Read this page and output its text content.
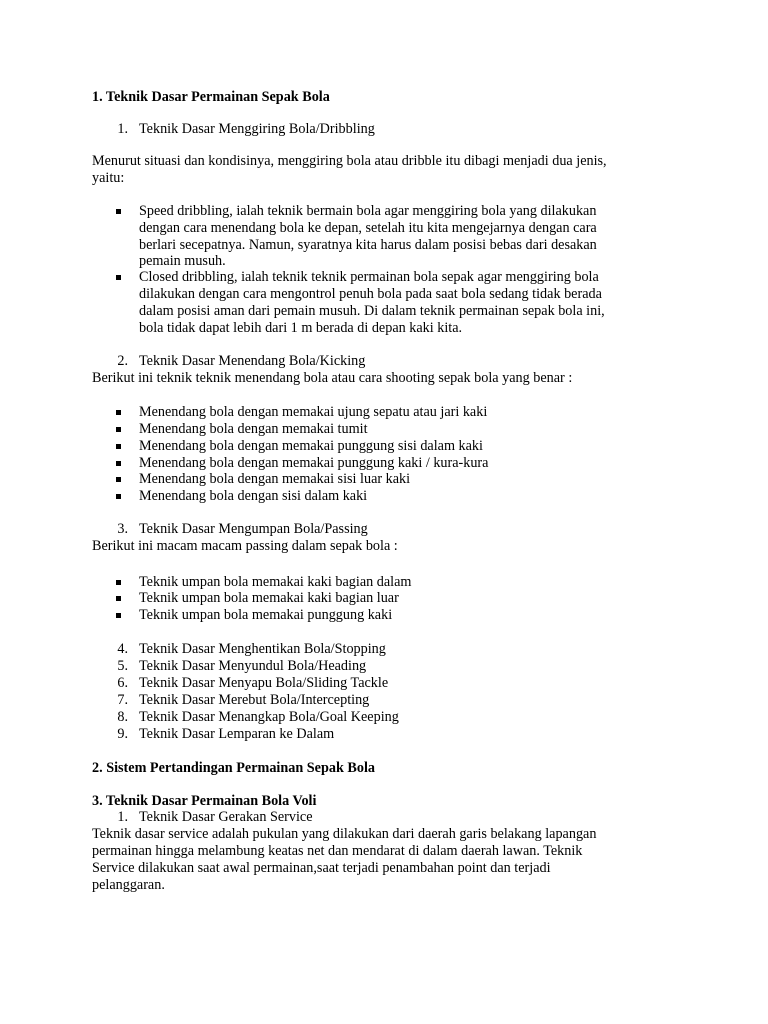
1. Teknik Dasar Permainan Sepak Bola
1. Teknik Dasar Menggiring Bola/Dribbling
Menurut situasi dan kondisinya, menggiring bola atau dribble itu dibagi menjadi dua jenis,
yaitu:
Speed dribbling, ialah teknik bermain bola agar menggiring bola yang dilakukan
dengan cara menendang bola ke depan, setelah itu kita mengejarnya dengan cara
berlari secepatnya. Namun, syaratnya kita harus dalam posisi bebas dari desakan
pemain musuh.
Closed dribbling, ialah teknik teknik permainan bola sepak agar menggiring bola
dilakukan dengan cara mengontrol penuh bola pada saat bola sedang tidak berada
dalam posisi aman dari pemain musuh. Di dalam teknik permainan sepak bola ini,
bola tidak dapat lebih dari 1 m berada di depan kaki kita.
2. Teknik Dasar Menendang Bola/Kicking
Berikut ini teknik teknik menendang bola atau cara shooting sepak bola yang benar :
Menendang bola dengan memakai ujung sepatu atau jari kaki
Menendang bola dengan memakai tumit
Menendang bola dengan memakai punggung sisi dalam kaki
Menendang bola dengan memakai punggung kaki / kura-kura
Menendang bola dengan memakai sisi luar kaki
Menendang bola dengan sisi dalam kaki
3. Teknik Dasar Mengumpan Bola/Passing
Berikut ini macam macam passing dalam sepak bola :
Teknik umpan bola memakai kaki bagian dalam
Teknik umpan bola memakai kaki bagian luar
Teknik umpan bola memakai punggung kaki
4. Teknik Dasar Menghentikan Bola/Stopping
5. Teknik Dasar Menyundul Bola/Heading
6. Teknik Dasar Menyapu Bola/Sliding Tackle
7. Teknik Dasar Merebut Bola/Intercepting
8. Teknik Dasar Menangkap Bola/Goal Keeping
9. Teknik Dasar Lemparan ke Dalam
2. Sistem Pertandingan Permainan Sepak Bola
3. Teknik Dasar Permainan Bola Voli
1. Teknik Dasar Gerakan Service
Teknik dasar service adalah pukulan yang dilakukan dari daerah garis belakang lapangan
permainan hingga melambung keatas net dan mendarat di dalam daerah lawan. Teknik
Service dilakukan saat awal permainan,saat terjadi penambahan point dan terjadi
pelanggaran.
